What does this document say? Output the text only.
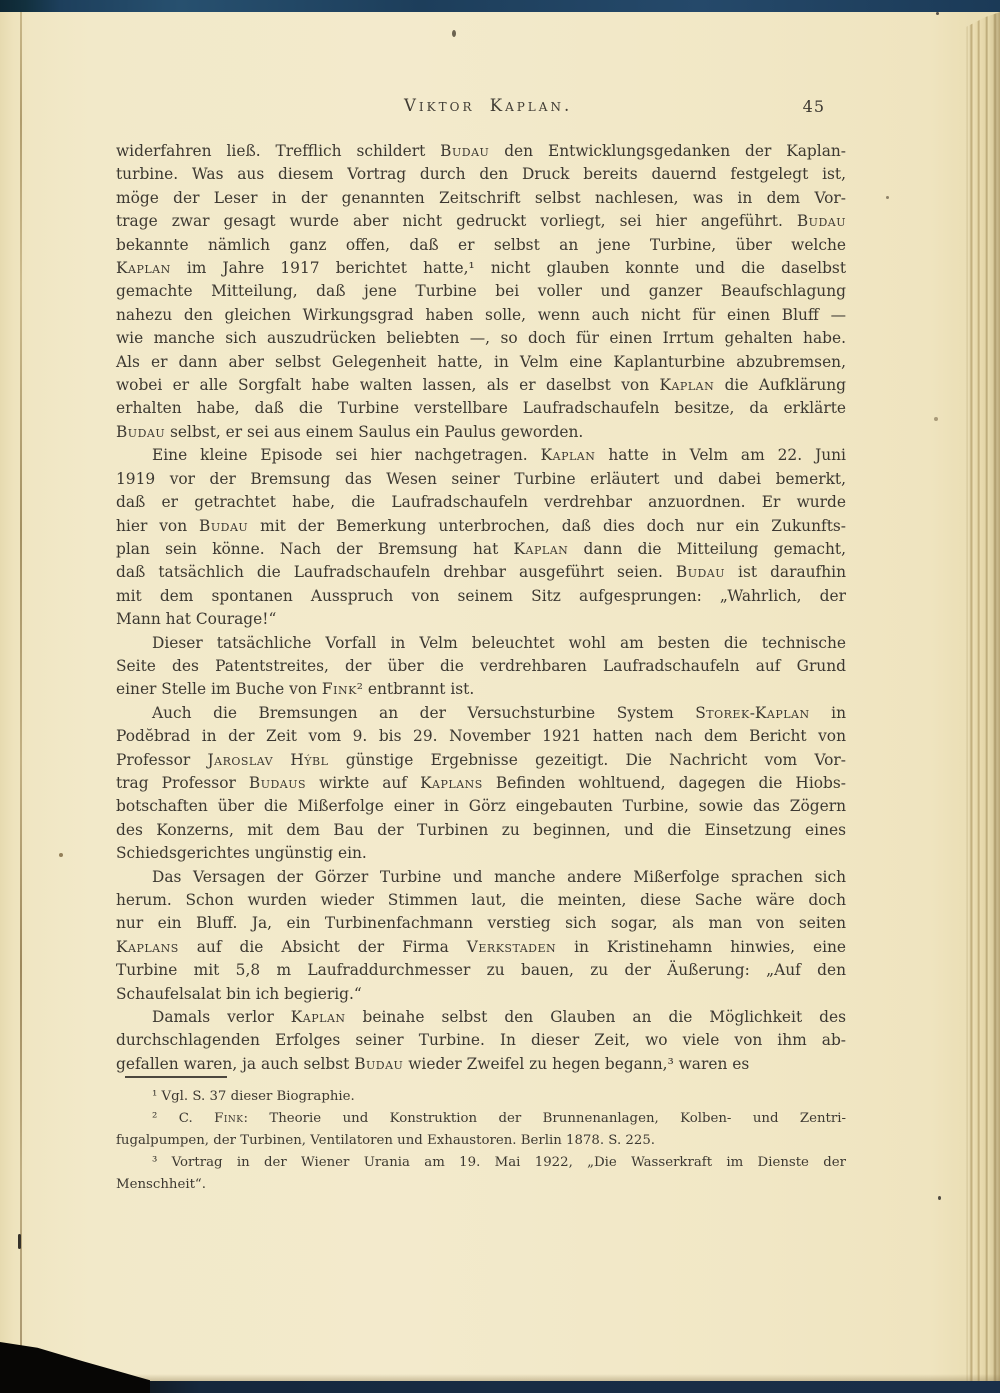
Viktor Kaplan.	45
widerfahren ließ. Trefflich schildert Budau den Entwicklungsgedanken der Kaplan-
turbine. Was aus diesem Vortrag durch den Druck bereits dauernd festgelegt ist,
möge der Leser in der genannten Zeitschrift selbst nachlesen, was in dem Vor-
trage zwar gesagt wurde aber nicht gedruckt vorliegt, sei hier angeführt. Budau
bekannte nämlich ganz offen, daß er selbst an jene Turbine, über welche
Kaplan im Jahre 1917 berichtet hatte,¹ nicht glauben konnte und die daselbst
gemachte Mitteilung, daß jene Turbine bei voller und ganzer Beaufschlagung
nahezu den gleichen Wirkungsgrad haben solle, wenn auch nicht für einen Bluff —
wie manche sich auszudrücken beliebten —, so doch für einen Irrtum gehalten habe.
Als er dann aber selbst Gelegenheit hatte, in Velm eine Kaplanturbine abzubremsen,
wobei er alle Sorgfalt habe walten lassen, als er daselbst von Kaplan die Aufklärung
erhalten habe, daß die Turbine verstellbare Laufradschaufeln besitze, da erklärte
Budau selbst, er sei aus einem Saulus ein Paulus geworden.
Eine kleine Episode sei hier nachgetragen. Kaplan hatte in Velm am 22. Juni
1919 vor der Bremsung das Wesen seiner Turbine erläutert und dabei bemerkt,
daß er getrachtet habe, die Laufradschaufeln verdrehbar anzuordnen. Er wurde
hier von Budau mit der Bemerkung unterbrochen, daß dies doch nur ein Zukunfts-
plan sein könne. Nach der Bremsung hat Kaplan dann die Mitteilung gemacht,
daß tatsächlich die Laufradschaufeln drehbar ausgeführt seien. Budau ist daraufhin
mit dem spontanen Ausspruch von seinem Sitz aufgesprungen: „Wahrlich, der
Mann hat Courage!“
Dieser tatsächliche Vorfall in Velm beleuchtet wohl am besten die technische
Seite des Patentstreites, der über die verdrehbaren Laufradschaufeln auf Grund
einer Stelle im Buche von Fink² entbrannt ist.
Auch die Bremsungen an der Versuchsturbine System Storek-Kaplan in
Podĕbrad in der Zeit vom 9. bis 29. November 1921 hatten nach dem Bericht von
Professor Jaroslav Hýbl günstige Ergebnisse gezeitigt. Die Nachricht vom Vor-
trag Professor Budaus wirkte auf Kaplans Befinden wohltuend, dagegen die Hiobs-
botschaften über die Mißerfolge einer in Görz eingebauten Turbine, sowie das Zögern
des Konzerns, mit dem Bau der Turbinen zu beginnen, und die Einsetzung eines
Schiedsgerichtes ungünstig ein.
Das Versagen der Görzer Turbine und manche andere Mißerfolge sprachen sich
herum. Schon wurden wieder Stimmen laut, die meinten, diese Sache wäre doch
nur ein Bluff. Ja, ein Turbinenfachmann verstieg sich sogar, als man von seiten
Kaplans auf die Absicht der Firma Verkstaden in Kristinehamn hinwies, eine
Turbine mit 5,8 m Laufraddurchmesser zu bauen, zu der Äußerung: „Auf den
Schaufelsalat bin ich begierig.“
Damals verlor Kaplan beinahe selbst den Glauben an die Möglichkeit des
durchschlagenden Erfolges seiner Turbine. In dieser Zeit, wo viele von ihm ab-
gefallen waren, ja auch selbst Budau wieder Zweifel zu hegen begann,³ waren es
¹ Vgl. S. 37 dieser Biographie.
² C. Fink: Theorie und Konstruktion der Brunnenanlagen, Kolben- und Zentri-
fugalpumpen, der Turbinen, Ventilatoren und Exhaustoren. Berlin 1878. S. 225.
³ Vortrag in der Wiener Urania am 19. Mai 1922, „Die Wasserkraft im Dienste der
Menschheit“.
